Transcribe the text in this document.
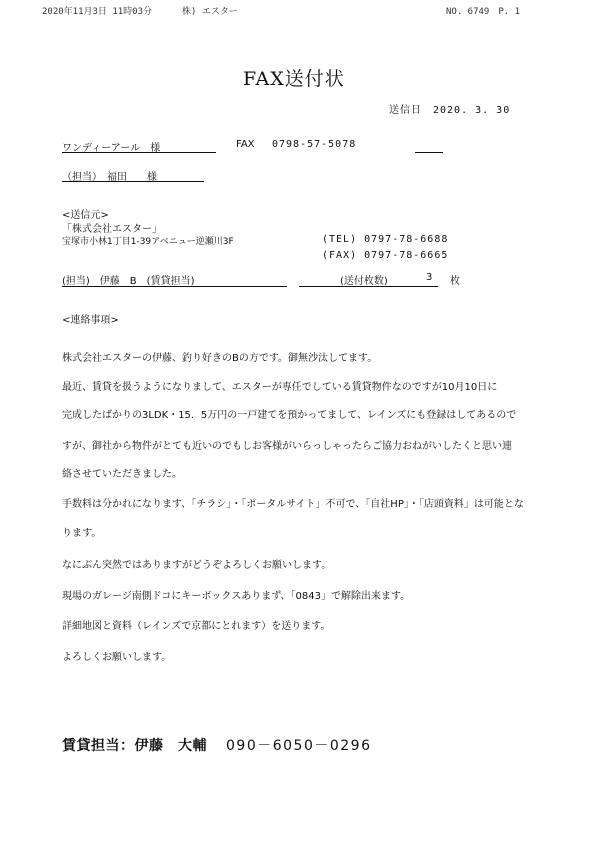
2020年11月3日 11時03分	株) エスター	NO. 6749　P. 1
FAX送付状
送信日　2020. 3. 30
ワンディーアール　様	FAX 0798-57-5078
（担当）　福田　　様
<送信元>
「株式会社エスター」
宝塚市小林1丁目1-39アベニュー逆瀬川3F	(TEL) 0797-78-6688
(FAX) 0797-78-6665
(担当)　伊藤　B　(賃貸担当)	(送付枚数)	3 枚
<連絡事項>
株式会社エスターの伊藤、釣り好きのBの方です。御無沙汰してます。
最近、賃貸を扱うようになりまして、エスターが専任でしている賃貸物件なのですが10月10日に
完成したばかりの3LDK・15．5万円の一戸建てを預かってまして、レインズにも登録はしてあるので
すが、御社から物件がとても近いのでもしお客様がいらっしゃったらご協力おねがいしたくと思い連
絡させていただきました。
手数料は分かれになります、「チラシ」・「ポータルサイト」不可で、「自社HP」・「店頭資料」は可能とな
ります。
なにぶん突然ではありますがどうぞよろしくお願いします。
現場のガレージ南側ドコにキーボックスありまず、「0843」で解除出来ます。
詳細地図と資料（レインズで京都にとれます）を送ります。
よろしくお願いします。
賃貸担当：伊藤　大輔 090－6050－0296
